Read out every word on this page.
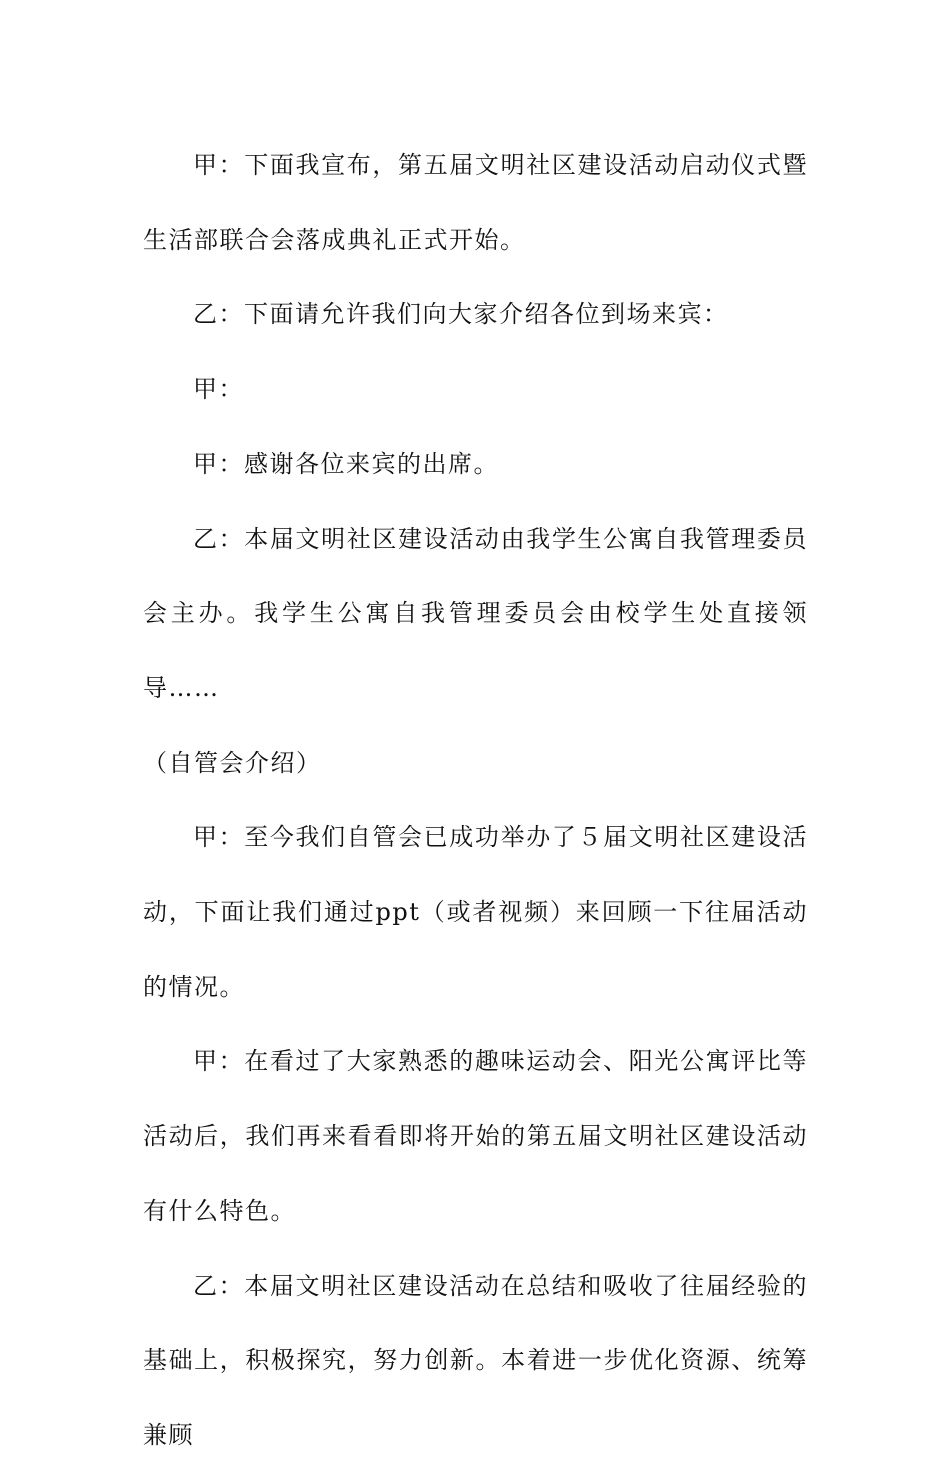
甲：下面我宣布，第五届文明社区建设活动启动仪式暨生活部联合会落成典礼正式开始。

乙：下面请允许我们向大家介绍各位到场来宾：

甲：

甲：感谢各位来宾的出席。

乙：本届文明社区建设活动由我学生公寓自我管理委员会主办。我学生公寓自我管理委员会由校学生处直接领导……

（自管会介绍）

甲：至今我们自管会已成功举办了５届文明社区建设活动，下面让我们通过ppt（或者视频）来回顾一下往届活动的情况。

甲：在看过了大家熟悉的趣味运动会、阳光公寓评比等活动后，我们再来看看即将开始的第五届文明社区建设活动有什么特色。

乙：本届文明社区建设活动在总结和吸收了往届经验的基础上，积极探究，努力创新。本着进一步优化资源、统筹兼顾
